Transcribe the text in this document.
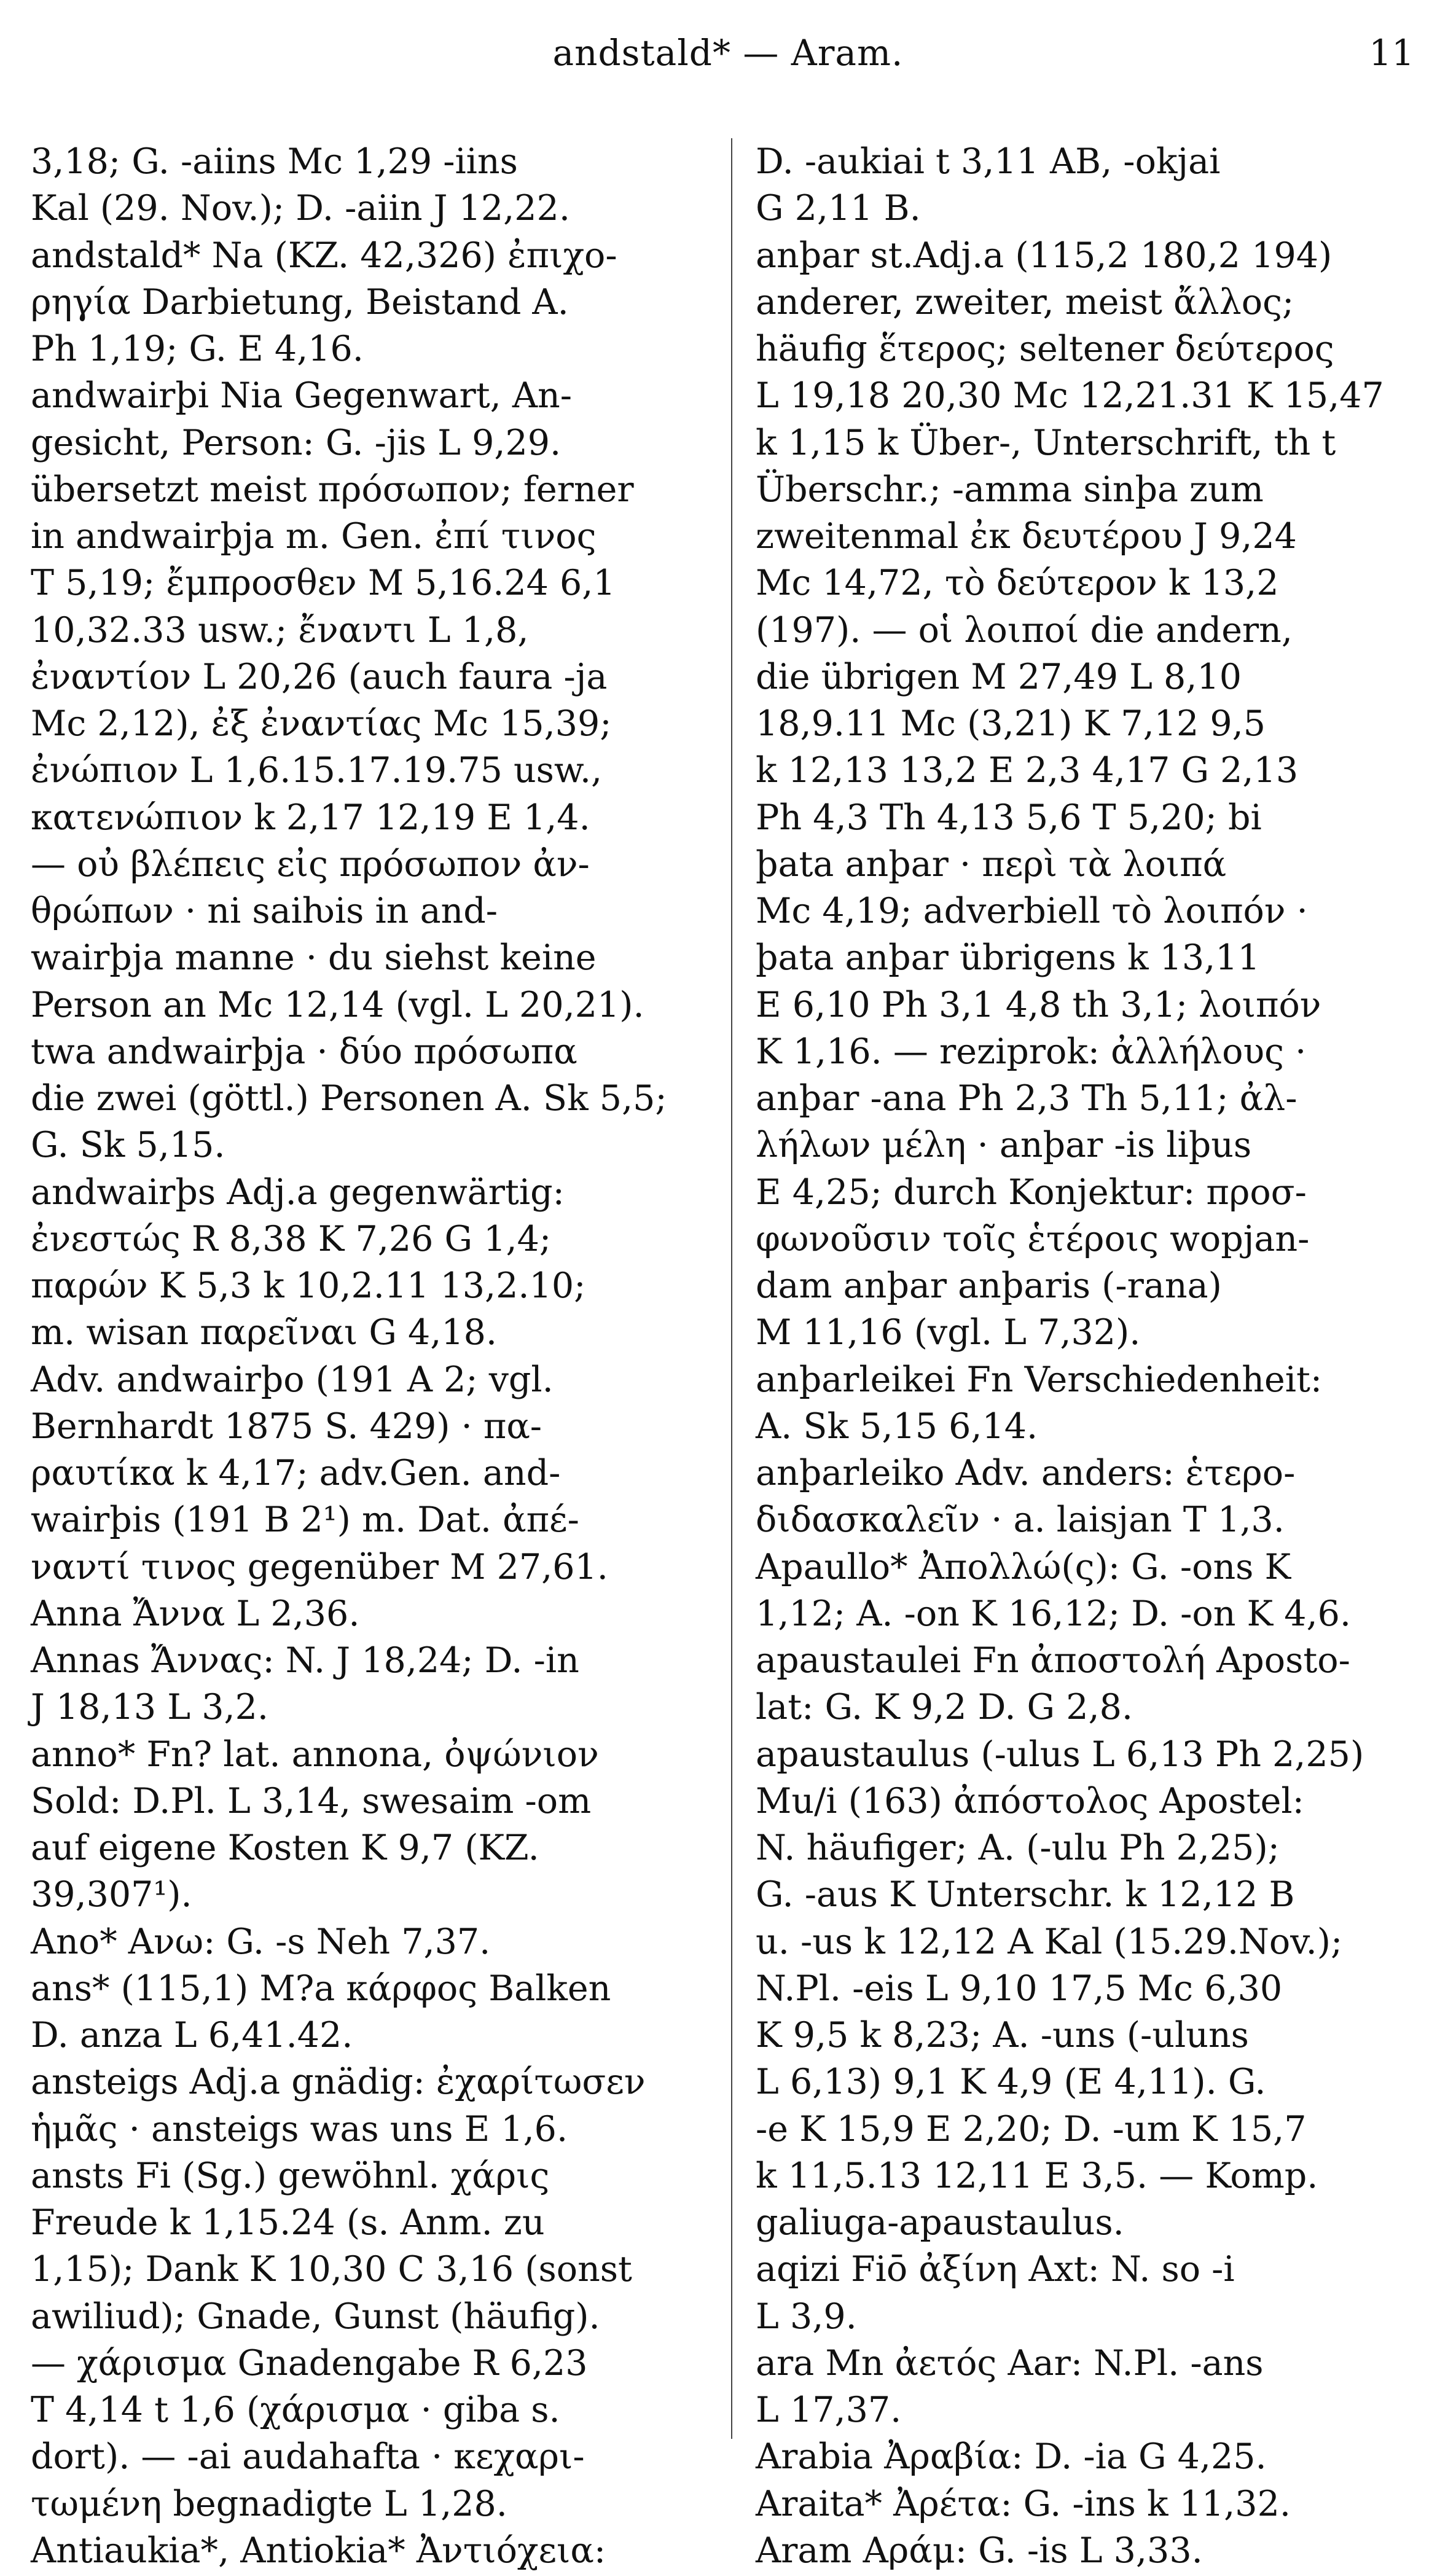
andstald* — Aram.	11
3,18; G. -aiins Mc 1,29 -iins
Kal (29. Nov.); D. -aiin J 12,22.
andstald* Na (KZ. 42,326) ἐπιχο-
ρηγία Darbietung, Beistand A.
Ph 1,19; G. E 4,16.
andwairþi Nia Gegenwart, An-
gesicht, Person: G. -jis L 9,29.
übersetzt meist πρόσωπον; ferner
in andwairþja m. Gen. ἐπί τινος
T 5,19; ἔμπροσθεν M 5,16.24 6,1
10,32.33 usw.; ἔναντι L 1,8,
ἐναντίον L 20,26 (auch faura -ja
Mc 2,12), ἐξ ἐναντίας Mc 15,39;
ἐνώπιον L 1,6.15.17.19.75 usw.,
κατενώπιον k 2,17 12,19 E 1,4.
— οὐ βλέπεις εἰς πρόσωπον ἀν-
θρώπων · ni saiƕis in and-
wairþja manne · du siehst keine
Person an Mc 12,14 (vgl. L 20,21).
twa andwairþja · δύο πρόσωπα
die zwei (göttl.) Personen A. Sk 5,5;
G. Sk 5,15.
andwairþs Adj.a gegenwärtig:
ἐνεστώς R 8,38 K 7,26 G 1,4;
παρών K 5,3 k 10,2.11 13,2.10;
m. wisan παρεῖναι G 4,18.
Adv. andwairþo (191 A 2; vgl.
Bernhardt 1875 S. 429) · πα-
ραυτίκα k 4,17; adv.Gen. and-
wairþis (191 B 2¹) m. Dat. ἀπέ-
ναντί τινος gegenüber M 27,61.
Anna Ἄννα L 2,36.
Annas Ἄννας: N. J 18,24; D. -in
J 18,13 L 3,2.
anno* Fn? lat. annona, ὀψώνιον
Sold: D.Pl. L 3,14, swesaim -om
auf eigene Kosten K 9,7 (KZ.
39,307¹).
Ano* Ανω: G. -s Neh 7,37.
ans* (115,1) M?a κάρφος Balken
D. anza L 6,41.42.
ansteigs Adj.a gnädig: ἐχαρίτωσεν
ἡμᾶς · ansteigs was uns E 1,6.
ansts Fi (Sg.) gewöhnl. χάρις
Freude k 1,15.24 (s. Anm. zu
1,15); Dank K 10,30 C 3,16 (sonst
awiliud); Gnade, Gunst (häufig).
— χάρισμα Gnadengabe R 6,23
T 4,14 t 1,6 (χάρισμα · giba s.
dort). — -ai audahafta · κεχαρι-
τωμένη begnadigte L 1,28.
Antiaukia*, Antiokia* Ἀντιόχεια:
D. -aukiai t 3,11 AB, -okjai
G 2,11 B.
anþar st.Adj.a (115,2 180,2 194)
anderer, zweiter, meist ἄλλος;
häufig ἕτερος; seltener δεύτερος
L 19,18 20,30 Mc 12,21.31 K 15,47
k 1,15 k Über-, Unterschrift, th t
Überschr.; -amma sinþa zum
zweitenmal ἐκ δευτέρου J 9,24
Mc 14,72, τὸ δεύτερον k 13,2
(197). — οἱ λοιποί die andern,
die übrigen M 27,49 L 8,10
18,9.11 Mc (3,21) K 7,12 9,5
k 12,13 13,2 E 2,3 4,17 G 2,13
Ph 4,3 Th 4,13 5,6 T 5,20; bi
þata anþar · περὶ τὰ λοιπά
Mc 4,19; adverbiell τὸ λοιπόν ·
þata anþar übrigens k 13,11
E 6,10 Ph 3,1 4,8 th 3,1; λοιπόν
K 1,16. — reziprok: ἀλλήλους ·
anþar -ana Ph 2,3 Th 5,11; ἀλ-
λήλων μέλη · anþar -is liþus
E 4,25; durch Konjektur: προσ-
φωνοῦσιν τοῖς ἑτέροις wopjan-
dam anþar anþaris (-rana)
M 11,16 (vgl. L 7,32).
anþarleikei Fn Verschiedenheit:
A. Sk 5,15 6,14.
anþarleiko Adv. anders: ἑτερο-
διδασκαλεῖν · a. laisjan T 1,3.
Apaullo* Ἀπολλώ(ς): G. -ons K
1,12; A. -on K 16,12; D. -on K 4,6.
apaustaulei Fn ἀποστολή Aposto-
lat: G. K 9,2 D. G 2,8.
apaustaulus (-ulus L 6,13 Ph 2,25)
Mu/i (163) ἀπόστολος Apostel:
N. häufiger; A. (-ulu Ph 2,25);
G. -aus K Unterschr. k 12,12 B
u. -us k 12,12 A Kal (15.29.Nov.);
N.Pl. -eis L 9,10 17,5 Mc 6,30
K 9,5 k 8,23; A. -uns (-uluns
L 6,13) 9,1 K 4,9 (E 4,11). G.
-e K 15,9 E 2,20; D. -um K 15,7
k 11,5.13 12,11 E 3,5. — Komp.
galiuga-apaustaulus.
aqizi Fiō ἀξίνη Axt: N. so -i
L 3,9.
ara Mn ἀετός Aar: N.Pl. -ans
L 17,37.
Arabia Ἀραβία: D. -ia G 4,25.
Araita* Ἀρέτα: G. -ins k 11,32.
Aram Αράμ: G. -is L 3,33.
